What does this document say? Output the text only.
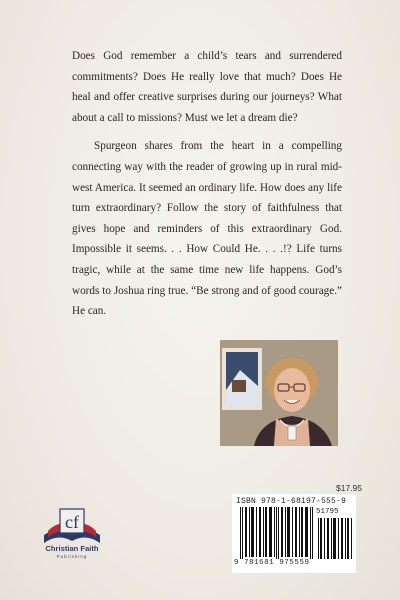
Does God remember a child’s tears and surrendered commitments? Does He really love that much? Does He heal and offer creative surprises during our journeys? What about a call to missions? Must we let a dream die?

Spurgeon shares from the heart in a compelling connecting way with the reader of growing up in rural mid-west America. It seemed an ordinary life. How does any life turn extraordinary? Follow the story of faithfulness that gives hope and reminders of this extraordinary God. Impossible it seems. . . How Could He. . . .!? Life turns tragic, while at the same time new life happens. God’s words to Joshua ring true. “Be strong and of good courage.” He can.

$17.95
ISBN 978-1-68197-555-9
51795
9 781681 975559
cf
Christian Faith
Publishing
